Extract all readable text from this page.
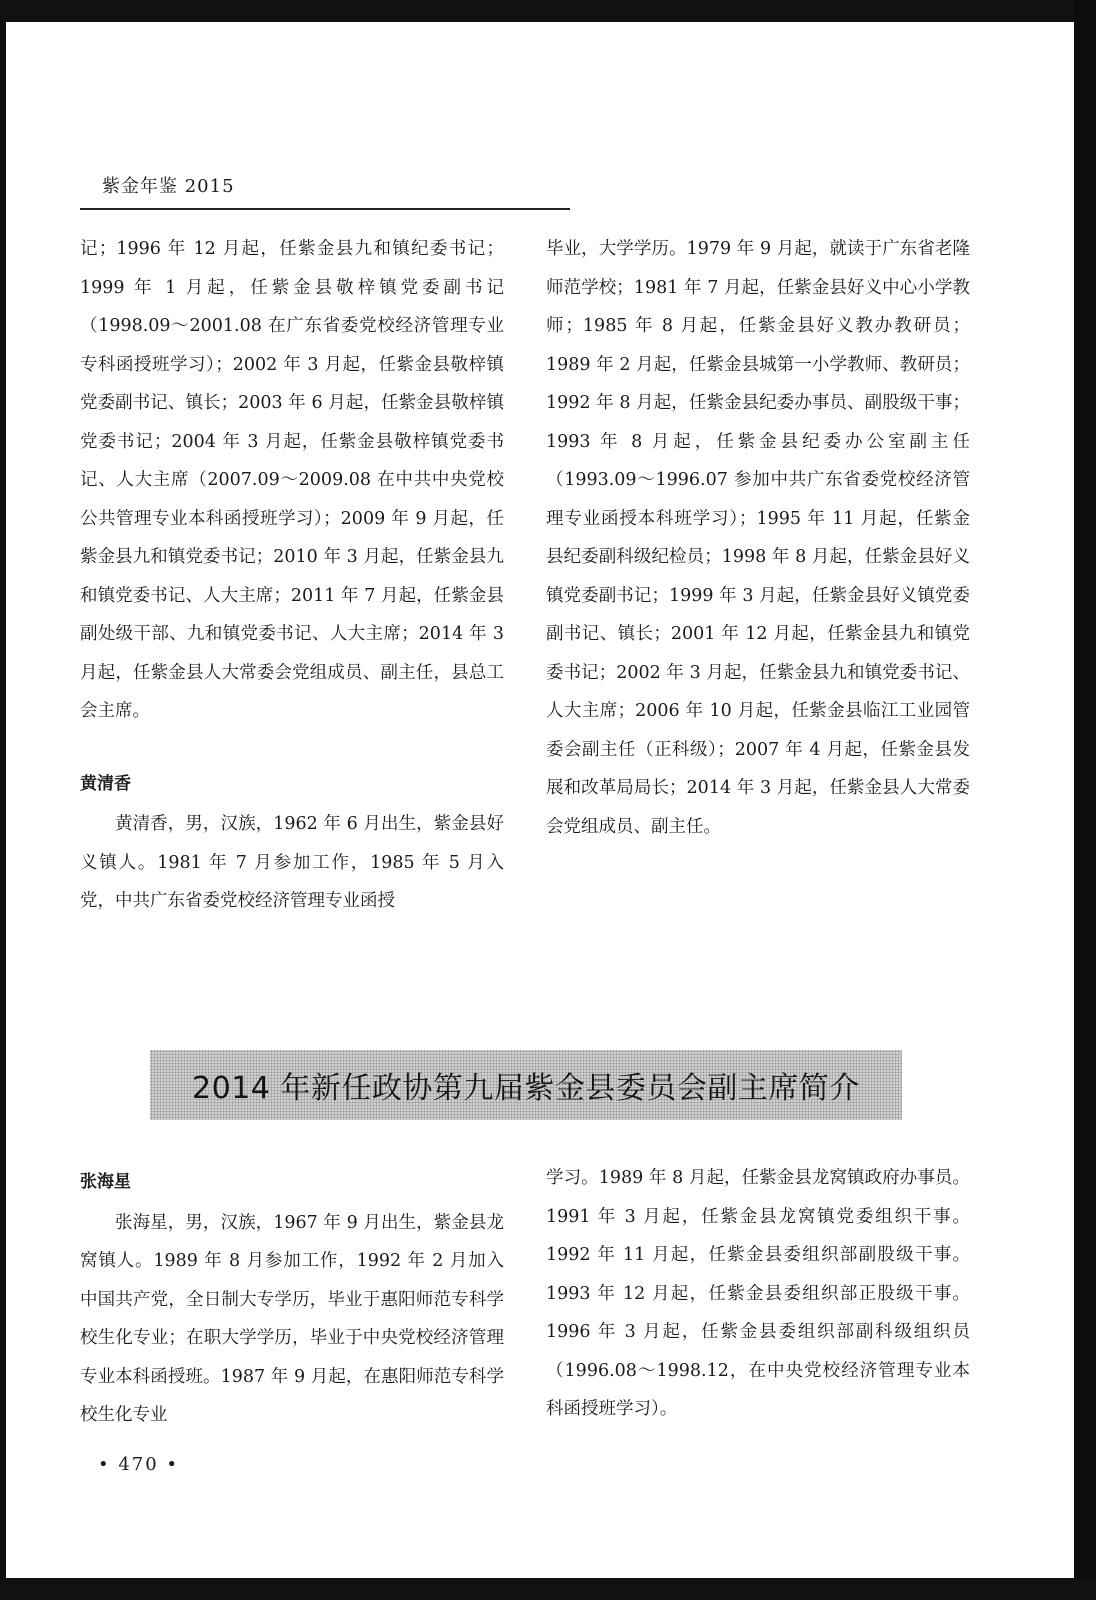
紫金年鉴 2015

记；1996 年 12 月起，任紫金县九和镇纪委书记；1999 年 1 月起，任紫金县敬梓镇党委副书记（1998.09～2001.08 在广东省委党校经济管理专业专科函授班学习）；2002 年 3 月起，任紫金县敬梓镇党委副书记、镇长；2003 年 6 月起，任紫金县敬梓镇党委书记；2004 年 3 月起，任紫金县敬梓镇党委书记、人大主席（2007.09～2009.08 在中共中央党校公共管理专业本科函授班学习）；2009 年 9 月起，任紫金县九和镇党委书记；2010 年 3 月起，任紫金县九和镇党委书记、人大主席；2011 年 7 月起，任紫金县副处级干部、九和镇党委书记、人大主席；2014 年 3 月起，任紫金县人大常委会党组成员、副主任，县总工会主席。

黄清香

黄清香，男，汉族，1962 年 6 月出生，紫金县好义镇人。1981 年 7 月参加工作，1985 年 5 月入党，中共广东省委党校经济管理专业函授

毕业，大学学历。1979 年 9 月起，就读于广东省老隆师范学校；1981 年 7 月起，任紫金县好义中心小学教师；1985 年 8 月起，任紫金县好义教办教研员；1989 年 2 月起，任紫金县城第一小学教师、教研员；1992 年 8 月起，任紫金县纪委办事员、副股级干事；1993 年 8 月起，任紫金县纪委办公室副主任（1993.09～1996.07 参加中共广东省委党校经济管理专业函授本科班学习）；1995 年 11 月起，任紫金县纪委副科级纪检员；1998 年 8 月起，任紫金县好义镇党委副书记；1999 年 3 月起，任紫金县好义镇党委副书记、镇长；2001 年 12 月起，任紫金县九和镇党委书记；2002 年 3 月起，任紫金县九和镇党委书记、人大主席；2006 年 10 月起，任紫金县临江工业园管委会副主任（正科级）；2007 年 4 月起，任紫金县发展和改革局局长；2014 年 3 月起，任紫金县人大常委会党组成员、副主任。

2014 年新任政协第九届紫金县委员会副主席简介

张海星

张海星，男，汉族，1967 年 9 月出生，紫金县龙窝镇人。1989 年 8 月参加工作，1992 年 2 月加入中国共产党，全日制大专学历，毕业于惠阳师范专科学校生化专业；在职大学学历，毕业于中央党校经济管理专业本科函授班。1987 年 9 月起，在惠阳师范专科学校生化专业

学习。1989 年 8 月起，任紫金县龙窝镇政府办事员。1991 年 3 月起，任紫金县龙窝镇党委组织干事。1992 年 11 月起，任紫金县委组织部副股级干事。1993 年 12 月起，任紫金县委组织部正股级干事。1996 年 3 月起，任紫金县委组织部副科级组织员（1996.08～1998.12，在中央党校经济管理专业本科函授班学习）。

• 470 •
